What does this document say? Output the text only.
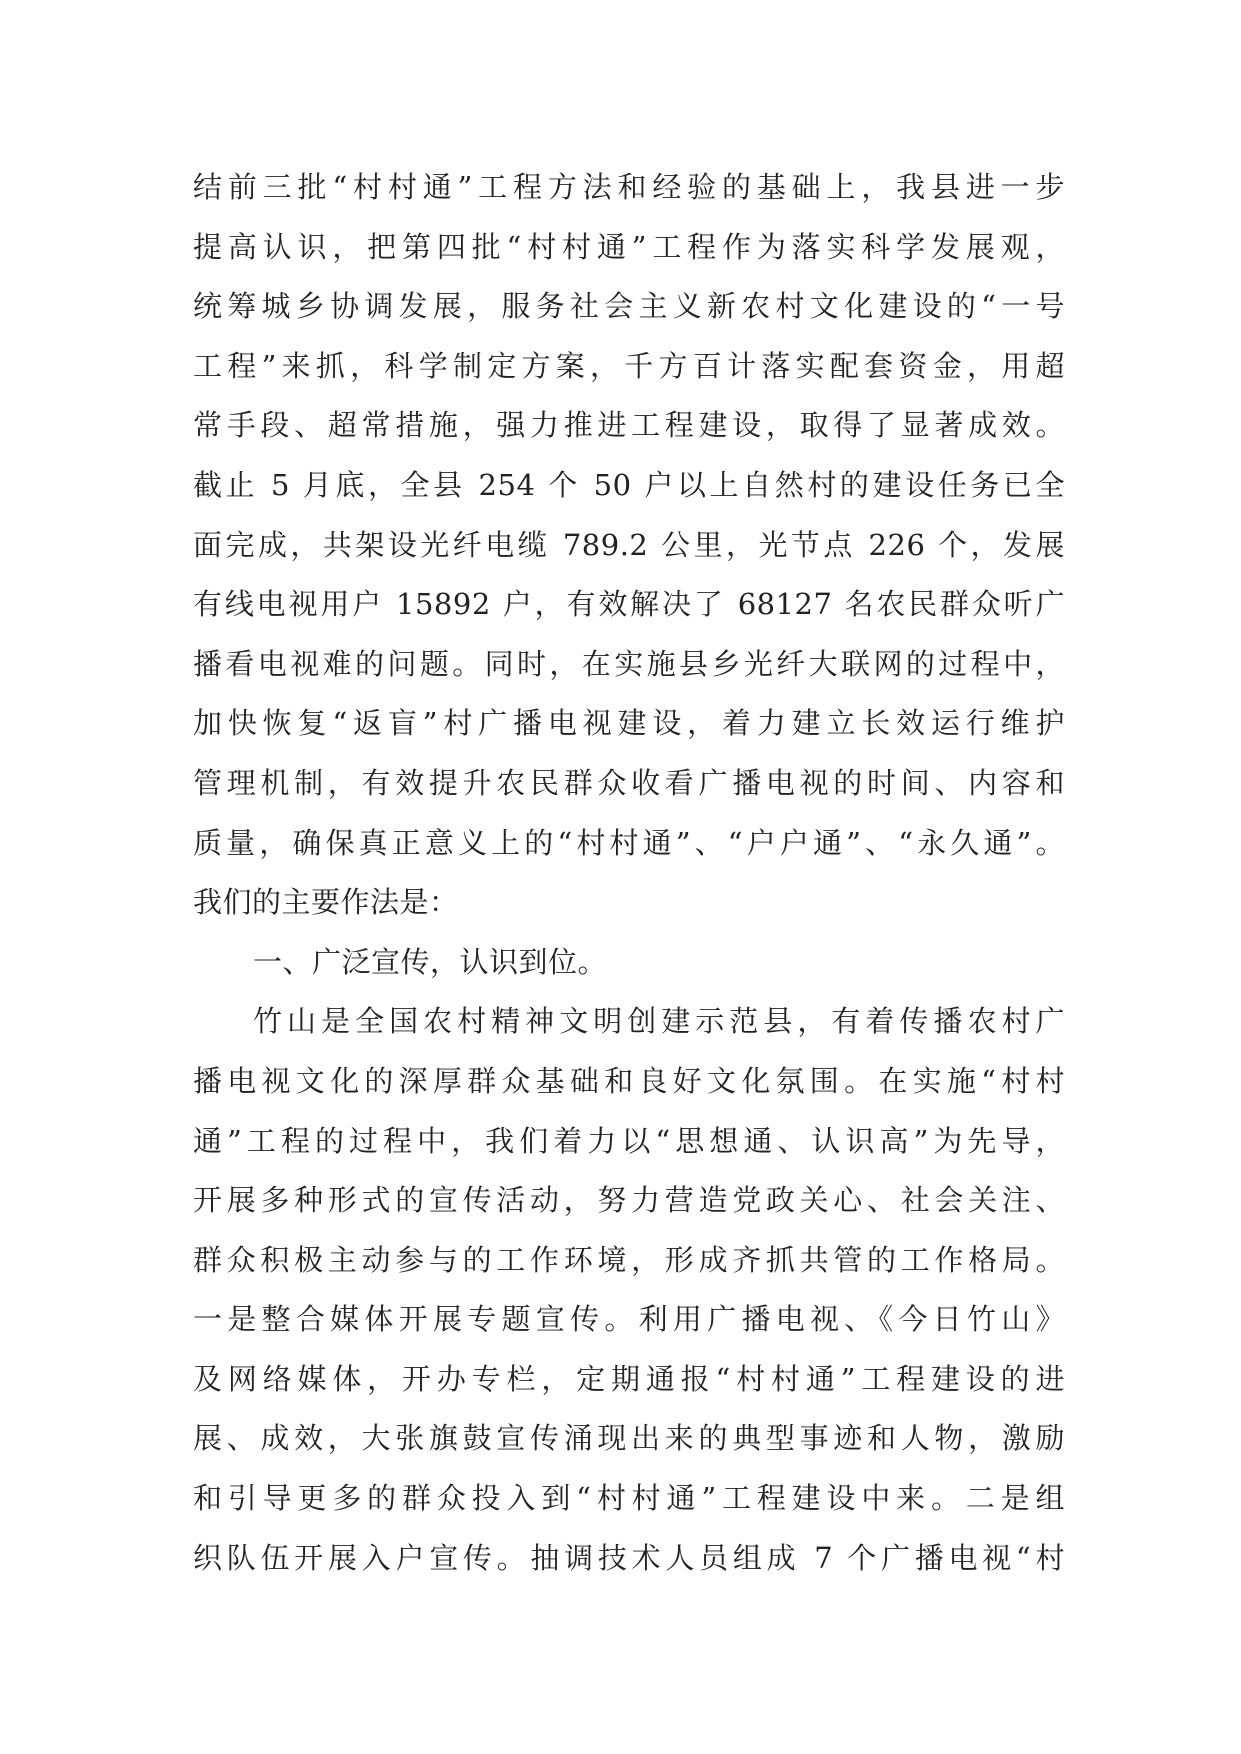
结前三批“村村通”工程方法和经验的基础上，我县进一步
提高认识，把第四批“村村通”工程作为落实科学发展观，
统筹城乡协调发展，服务社会主义新农村文化建设的“一号
工程”来抓，科学制定方案，千方百计落实配套资金，用超
常手段、超常措施，强力推进工程建设，取得了显著成效。
截止 5 月底，全县 254 个 50 户以上自然村的建设任务已全
面完成，共架设光纤电缆 789.2 公里，光节点 226 个，发展
有线电视用户 15892 户，有效解决了 68127 名农民群众听广
播看电视难的问题。同时，在实施县乡光纤大联网的过程中，
加快恢复“返盲”村广播电视建设，着力建立长效运行维护
管理机制，有效提升农民群众收看广播电视的时间、内容和
质量，确保真正意义上的“村村通”、“户户通”、“永久通”。
我们的主要作法是：
一、广泛宣传，认识到位。
竹山是全国农村精神文明创建示范县，有着传播农村广
播电视文化的深厚群众基础和良好文化氛围。在实施“村村
通”工程的过程中，我们着力以“思想通、认识高”为先导，
开展多种形式的宣传活动，努力营造党政关心、社会关注、
群众积极主动参与的工作环境，形成齐抓共管的工作格局。
一是整合媒体开展专题宣传。利用广播电视、《今日竹山》
及网络媒体，开办专栏，定期通报“村村通”工程建设的进
展、成效，大张旗鼓宣传涌现出来的典型事迹和人物，激励
和引导更多的群众投入到“村村通”工程建设中来。二是组
织队伍开展入户宣传。抽调技术人员组成 7 个广播电视“村
